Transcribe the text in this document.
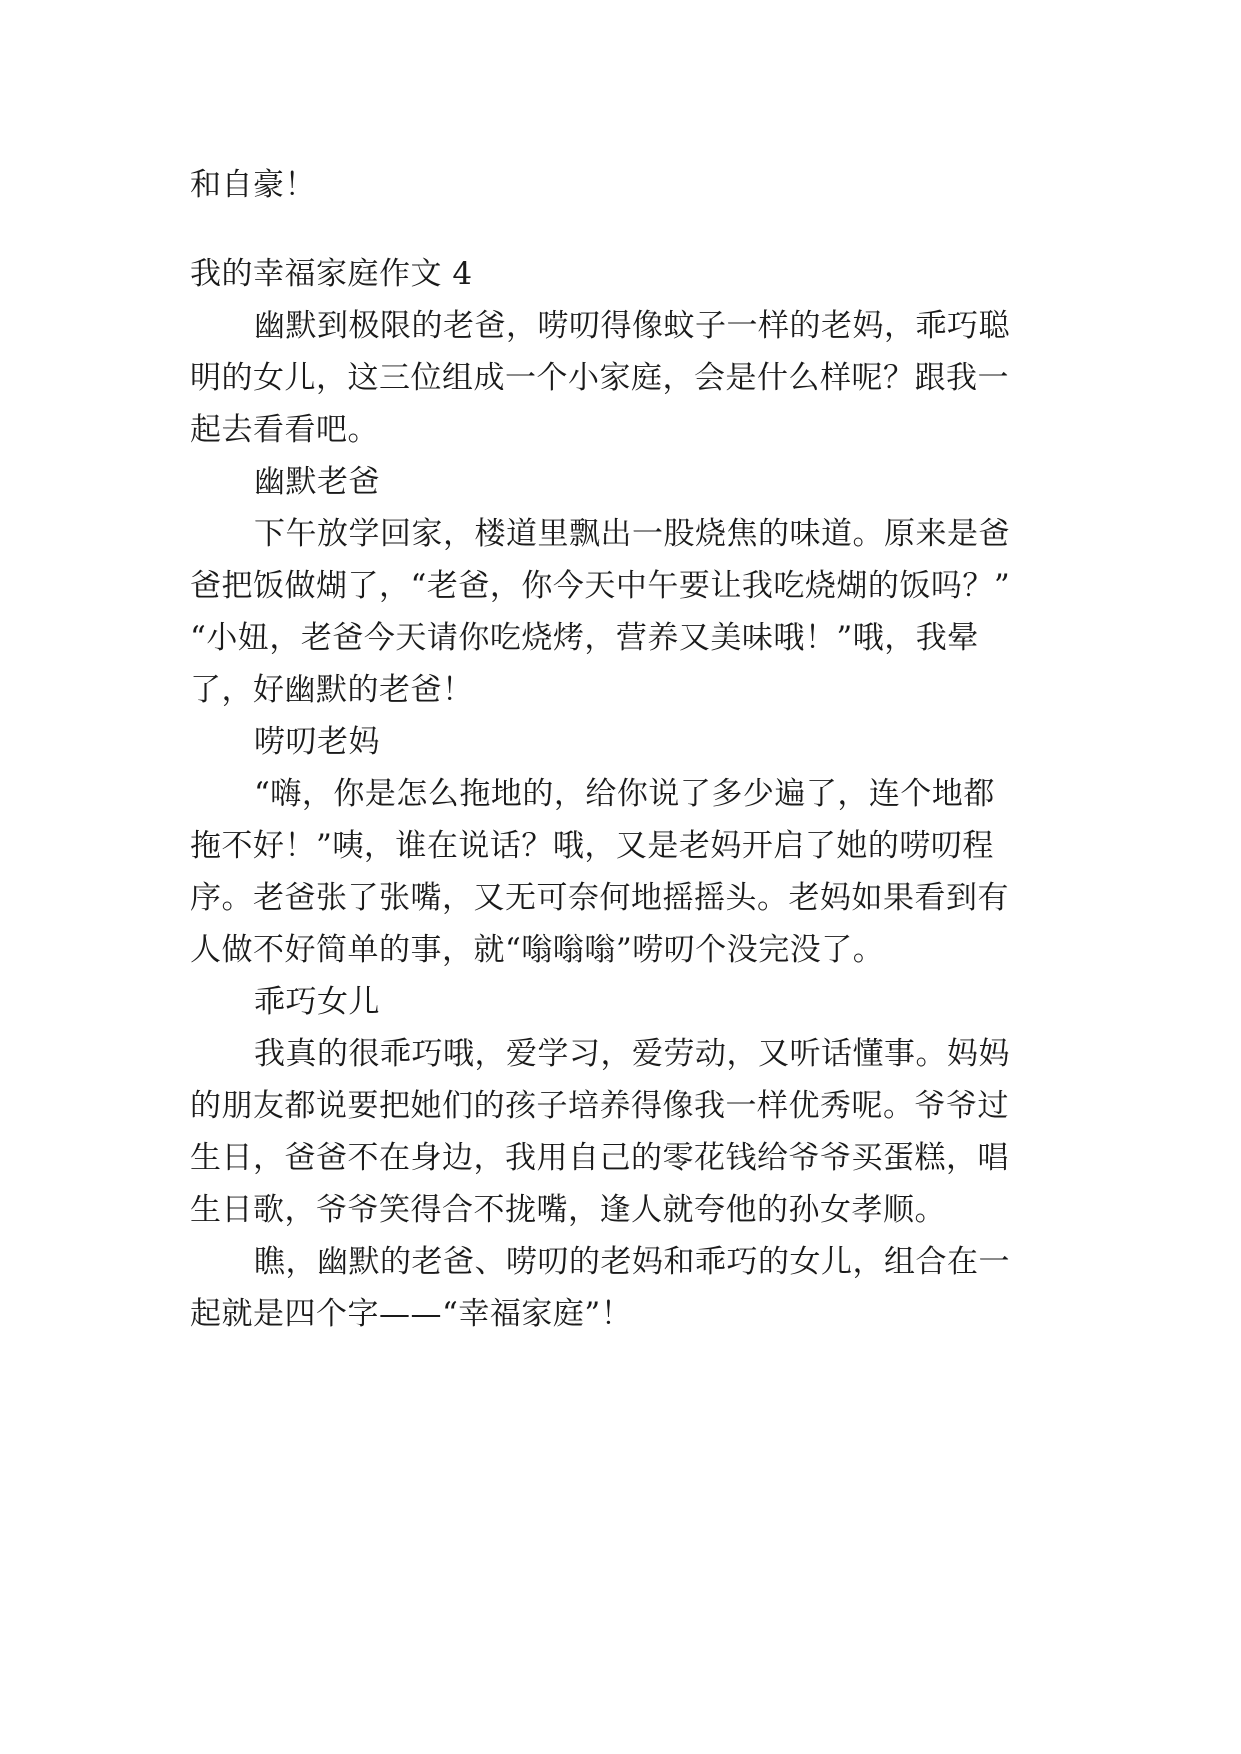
和自豪！
我的幸福家庭作文 4
幽默到极限的老爸，唠叨得像蚊子一样的老妈，乖巧聪
明的女儿，这三位组成一个小家庭，会是什么样呢？跟我一
起去看看吧。
幽默老爸
下午放学回家，楼道里飘出一股烧焦的味道。原来是爸
爸把饭做煳了，“老爸，你今天中午要让我吃烧煳的饭吗？”
“小妞，老爸今天请你吃烧烤，营养又美味哦！”哦，我晕
了，好幽默的老爸！
唠叨老妈
“嗨，你是怎么拖地的，给你说了多少遍了，连个地都
拖不好！”咦，谁在说话？哦，又是老妈开启了她的唠叨程
序。老爸张了张嘴，又无可奈何地摇摇头。老妈如果看到有
人做不好简单的事，就“嗡嗡嗡”唠叨个没完没了。
乖巧女儿
我真的很乖巧哦，爱学习，爱劳动，又听话懂事。妈妈
的朋友都说要把她们的孩子培养得像我一样优秀呢。爷爷过
生日，爸爸不在身边，我用自己的零花钱给爷爷买蛋糕，唱
生日歌，爷爷笑得合不拢嘴，逢人就夸他的孙女孝顺。
瞧，幽默的老爸、唠叨的老妈和乖巧的女儿，组合在一
起就是四个字——“幸福家庭”！
